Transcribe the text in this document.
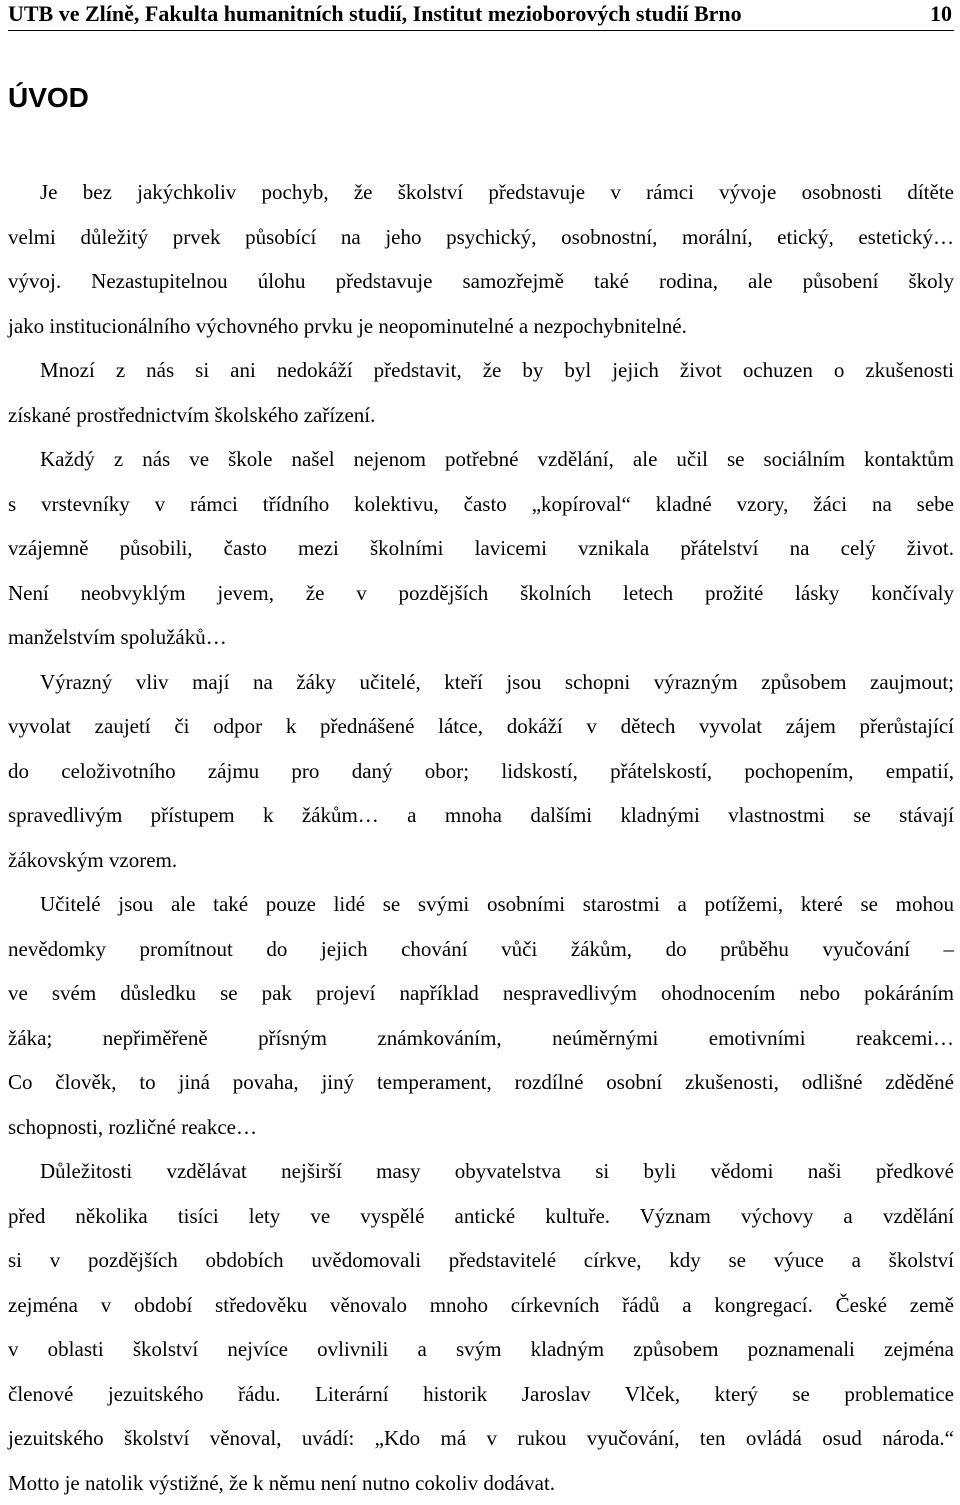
UTB ve Zlíně, Fakulta humanitních studií, Institut mezioborových studií Brno	10
ÚVOD
Je bez jakýchkoliv pochyb, že školství představuje v rámci vývoje osobnosti dítěte
velmi důležitý prvek působící na jeho psychický, osobnostní, morální, etický, estetický…
vývoj. Nezastupitelnou úlohu představuje samozřejmě také rodina, ale působení školy
jako institucionálního výchovného prvku je neopominutelné a nezpochybnitelné.
Mnozí z nás si ani nedokáží představit, že by byl jejich život ochuzen o zkušenosti
získané prostřednictvím školského zařízení.
Každý z nás ve škole našel nejenom potřebné vzdělání, ale učil se sociálním kontaktům
s vrstevníky v rámci třídního kolektivu, často „kopíroval“ kladné vzory, žáci na sebe
vzájemně působili, často mezi školními lavicemi vznikala přátelství na celý život.
Není neobvyklým jevem, že v pozdějších školních letech prožité lásky končívaly
manželstvím spolužáků…
Výrazný vliv mají na žáky učitelé, kteří jsou schopni výrazným způsobem zaujmout;
vyvolat zaujetí či odpor k přednášené látce, dokáží v dětech vyvolat zájem přerůstající
do celoživotního zájmu pro daný obor; lidskostí, přátelskostí, pochopením, empatií,
spravedlivým přístupem k žákům… a mnoha dalšími kladnými vlastnostmi se stávají
žákovským vzorem.
Učitelé jsou ale také pouze lidé se svými osobními starostmi a potížemi, které se mohou
nevědomky promítnout do jejich chování vůči žákům, do průběhu vyučování –
ve svém důsledku se pak projeví například nespravedlivým ohodnocením nebo pokáráním
žáka; nepřiměřeně přísným známkováním, neúměrnými emotivními reakcemi…
Co člověk, to jiná povaha, jiný temperament, rozdílné osobní zkušenosti, odlišné zděděné
schopnosti, rozličné reakce…
Důležitosti vzdělávat nejširší masy obyvatelstva si byli vědomi naši předkové
před několika tisíci lety ve vyspělé antické kultuře. Význam výchovy a vzdělání
si v pozdějších obdobích uvědomovali představitelé církve, kdy se výuce a školství
zejména v období středověku věnovalo mnoho církevních řádů a kongregací. České země
v oblasti školství nejvíce ovlivnili a svým kladným způsobem poznamenali zejména
členové jezuitského řádu. Literární historik Jaroslav Vlček, který se problematice
jezuitského školství věnoval, uvádí: „Kdo má v rukou vyučování, ten ovládá osud národa.“
Motto je natolik výstižné, že k němu není nutno cokoliv dodávat.
